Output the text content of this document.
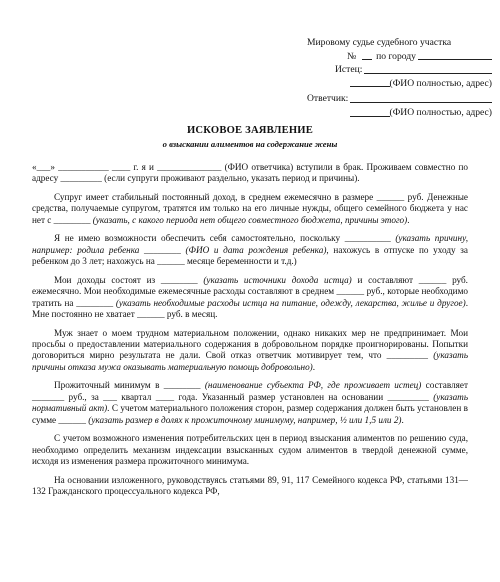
Мировому судье судебного участка
№ по городу
Истец:
(ФИО полностью, адрес)
Ответчик:
(ФИО полностью, адрес)
ИСКОВОЕ ЗАЯВЛЕНИЕ
о взыскании алиментов на содержание жены

«___» ___________ ____ г. я и ______________ (ФИО ответчика) вступили в брак. Проживаем совместно по адресу _________ (если супруги проживают раздельно, указать период и причины).

Супруг имеет стабильный постоянный доход, в среднем ежемесячно в размере ______ руб. Денежные средства, получаемые супругом, тратятся им только на его личные нужды, общего семейного бюджета у нас нет с ________ (указать, с какого периода нет общего совместного бюджета, причины этого).

Я не имею возможности обеспечить себя самостоятельно, поскольку __________ (указать причину, например: родила ребенка ________ (ФИО и дата рождения ребенка), нахожусь в отпуске по уходу за ребенком до 3 лет; нахожусь на ______ месяце беременности и т.д.)

Мои доходы состоят из ________ (указать источники дохода истца) и составляют ______ руб. ежемесячно. Мои необходимые ежемесячные расходы составляют в среднем ______ руб., которые необходимо тратить на ________ (указать необходимые расходы истца на питание, одежду, лекарства, жилье и другое). Мне постоянно не хватает ______ руб. в месяц.

Муж знает о моем трудном материальном положении, однако никаких мер не предпринимает. Мои просьбы о предоставлении материального содержания в добровольном порядке проигнорированы. Попытки договориться мирно результата не дали. Свой отказ ответчик мотивирует тем, что _________ (указать причины отказа мужа оказывать материальную помощь добровольно).

Прожиточный минимум в ________ (наименование субъекта РФ, где проживает истец) составляет _______ руб., за ___ квартал ____ года. Указанный размер установлен на основании _________ (указать нормативный акт). С учетом материального положения сторон, размер содержания должен быть установлен в сумме ______ (указать размер в долях к прожиточному минимуму, например, ½ или 1,5 или 2).

С учетом возможного изменения потребительских цен в период взыскания алиментов по решению суда, необходимо определить механизм индексации взысканных судом алиментов в твердой денежной сумме, исходя из изменения размера прожиточного минимума.

На основании изложенного, руководствуясь статьями 89, 91, 117 Семейного кодекса РФ, статьями 131—132 Гражданского процессуального кодекса РФ,
